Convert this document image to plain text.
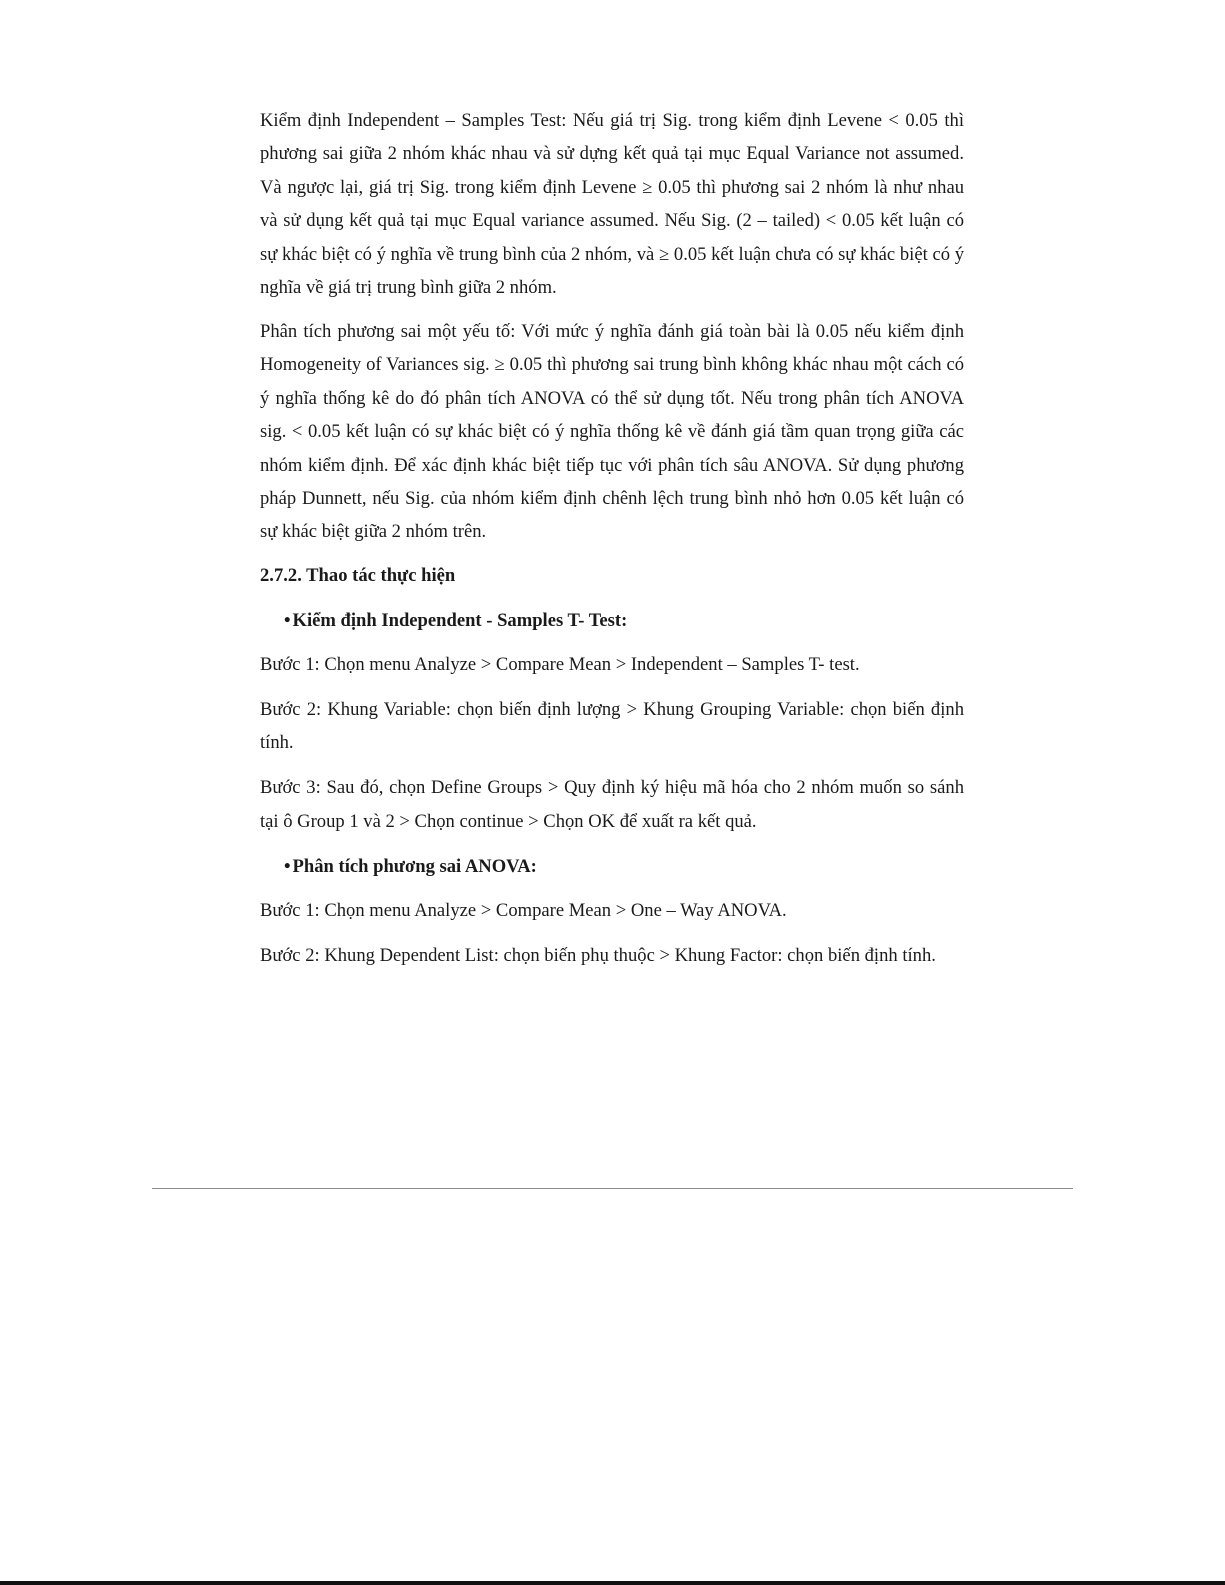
Kiểm định Independent – Samples Test: Nếu giá trị Sig. trong kiểm định Levene < 0.05 thì phương sai giữa 2 nhóm khác nhau và sử dựng kết quả tại mục Equal Variance not assumed. Và ngược lại, giá trị Sig. trong kiểm định Levene ≥ 0.05 thì phương sai 2 nhóm là như nhau và sử dụng kết quả tại mục Equal variance assumed. Nếu Sig. (2 – tailed) < 0.05 kết luận có sự khác biệt có ý nghĩa về trung bình của 2 nhóm, và ≥ 0.05 kết luận chưa có sự khác biệt có ý nghĩa về giá trị trung bình giữa 2 nhóm.

Phân tích phương sai một yếu tố: Với mức ý nghĩa đánh giá toàn bài là 0.05 nếu kiểm định Homogeneity of Variances sig. ≥ 0.05 thì phương sai trung bình không khác nhau một cách có ý nghĩa thống kê do đó phân tích ANOVA có thể sử dụng tốt. Nếu trong phân tích ANOVA sig. < 0.05 kết luận có sự khác biệt có ý nghĩa thống kê về đánh giá tầm quan trọng giữa các nhóm kiểm định. Để xác định khác biệt tiếp tục với phân tích sâu ANOVA. Sử dụng phương pháp Dunnett, nếu Sig. của nhóm kiểm định chênh lệch trung bình nhỏ hơn 0.05 kết luận có sự khác biệt giữa 2 nhóm trên.

2.7.2. Thao tác thực hiện
• Kiểm định Independent - Samples T- Test:

Bước 1: Chọn menu Analyze > Compare Mean > Independent – Samples T- test.

Bước 2: Khung Variable: chọn biến định lượng > Khung Grouping Variable: chọn biến định tính.

Bước 3: Sau đó, chọn Define Groups > Quy định ký hiệu mã hóa cho 2 nhóm muốn so sánh tại ô Group 1 và 2 > Chọn continue > Chọn OK để xuất ra kết quả.

• Phân tích phương sai ANOVA:

Bước 1: Chọn menu Analyze > Compare Mean > One – Way ANOVA.

Bước 2: Khung Dependent List: chọn biến phụ thuộc > Khung Factor: chọn biến định tính.
